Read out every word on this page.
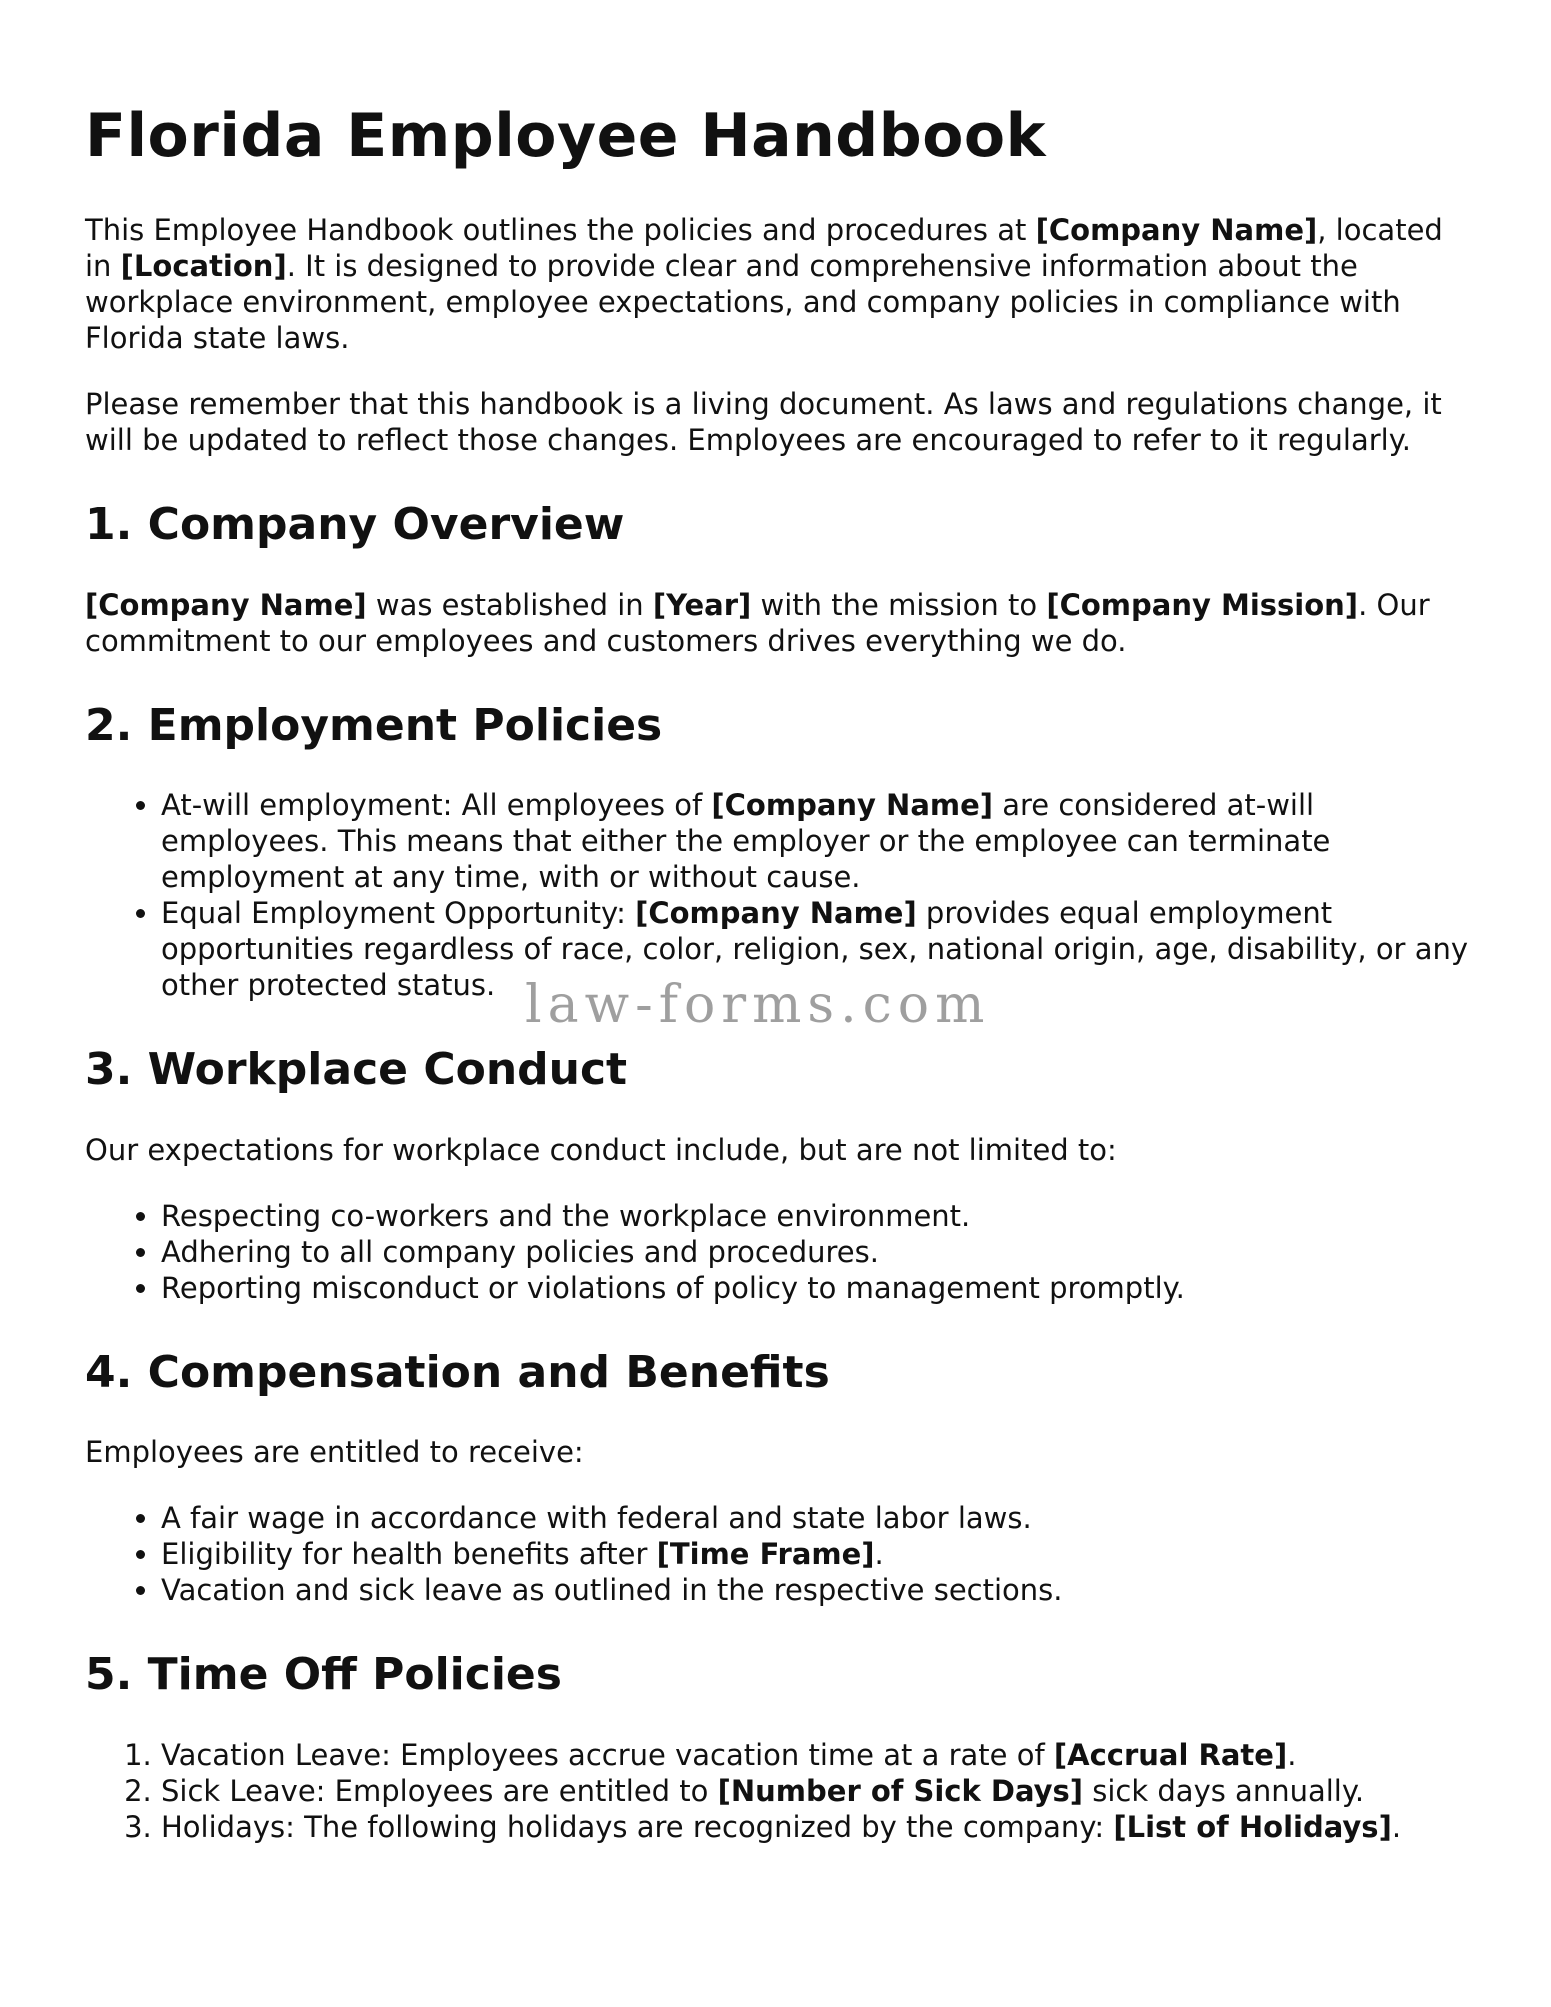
Florida Employee Handbook

This Employee Handbook outlines the policies and procedures at [Company Name], located in [Location]. It is designed to provide clear and comprehensive information about the workplace environment, employee expectations, and company policies in compliance with Florida state laws.

Please remember that this handbook is a living document. As laws and regulations change, it will be updated to reflect those changes. Employees are encouraged to refer to it regularly.

1. Company Overview

[Company Name] was established in [Year] with the mission to [Company Mission]. Our commitment to our employees and customers drives everything we do.

2. Employment Policies
• At-will employment: All employees of [Company Name] are considered at-will employees. This means that either the employer or the employee can terminate employment at any time, with or without cause.
• Equal Employment Opportunity: [Company Name] provides equal employment opportunities regardless of race, color, religion, sex, national origin, age, disability, or any other protected status.
3. Workplace Conduct

Our expectations for workplace conduct include, but are not limited to:

• Respecting co-workers and the workplace environment.
• Adhering to all company policies and procedures.
• Reporting misconduct or violations of policy to management promptly.
4. Compensation and Benefits

Employees are entitled to receive:

• A fair wage in accordance with federal and state labor laws.
• Eligibility for health benefits after [Time Frame].
• Vacation and sick leave as outlined in the respective sections.
5. Time Off Policies
1. Vacation Leave: Employees accrue vacation time at a rate of [Accrual Rate].
2. Sick Leave: Employees are entitled to [Number of Sick Days] sick days annually.
3. Holidays: The following holidays are recognized by the company: [List of Holidays].
law-forms.com
